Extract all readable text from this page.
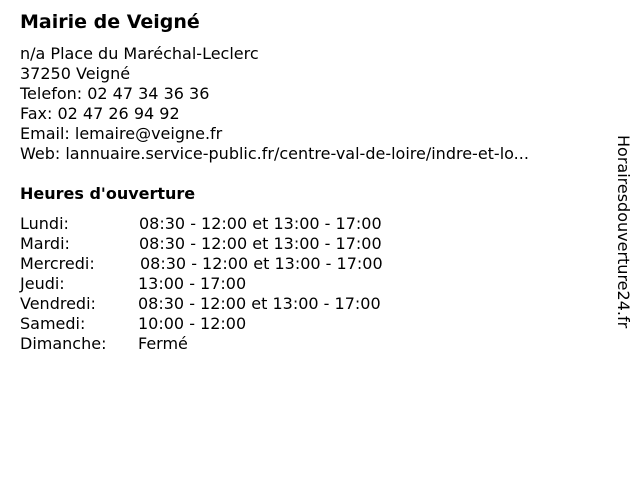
Mairie de Veigné
n/a Place du Maréchal-Leclerc
37250 Veigné
Telefon: 02 47 34 36 36
Fax: 02 47 26 94 92
Email: lemaire@veigne.fr
Web: lannuaire.service-public.fr/centre-val-de-loire/indre-et-lo...
Heures d'ouverture
Lundi:	08:30 - 12:00 et 13:00 - 17:00
Mardi:	08:30 - 12:00 et 13:00 - 17:00
Mercredi:	08:30 - 12:00 et 13:00 - 17:00
Jeudi:	13:00 - 17:00
Vendredi:	08:30 - 12:00 et 13:00 - 17:00
Samedi:	10:00 - 12:00
Dimanche: Fermé
Horairesdouverture24.fr
